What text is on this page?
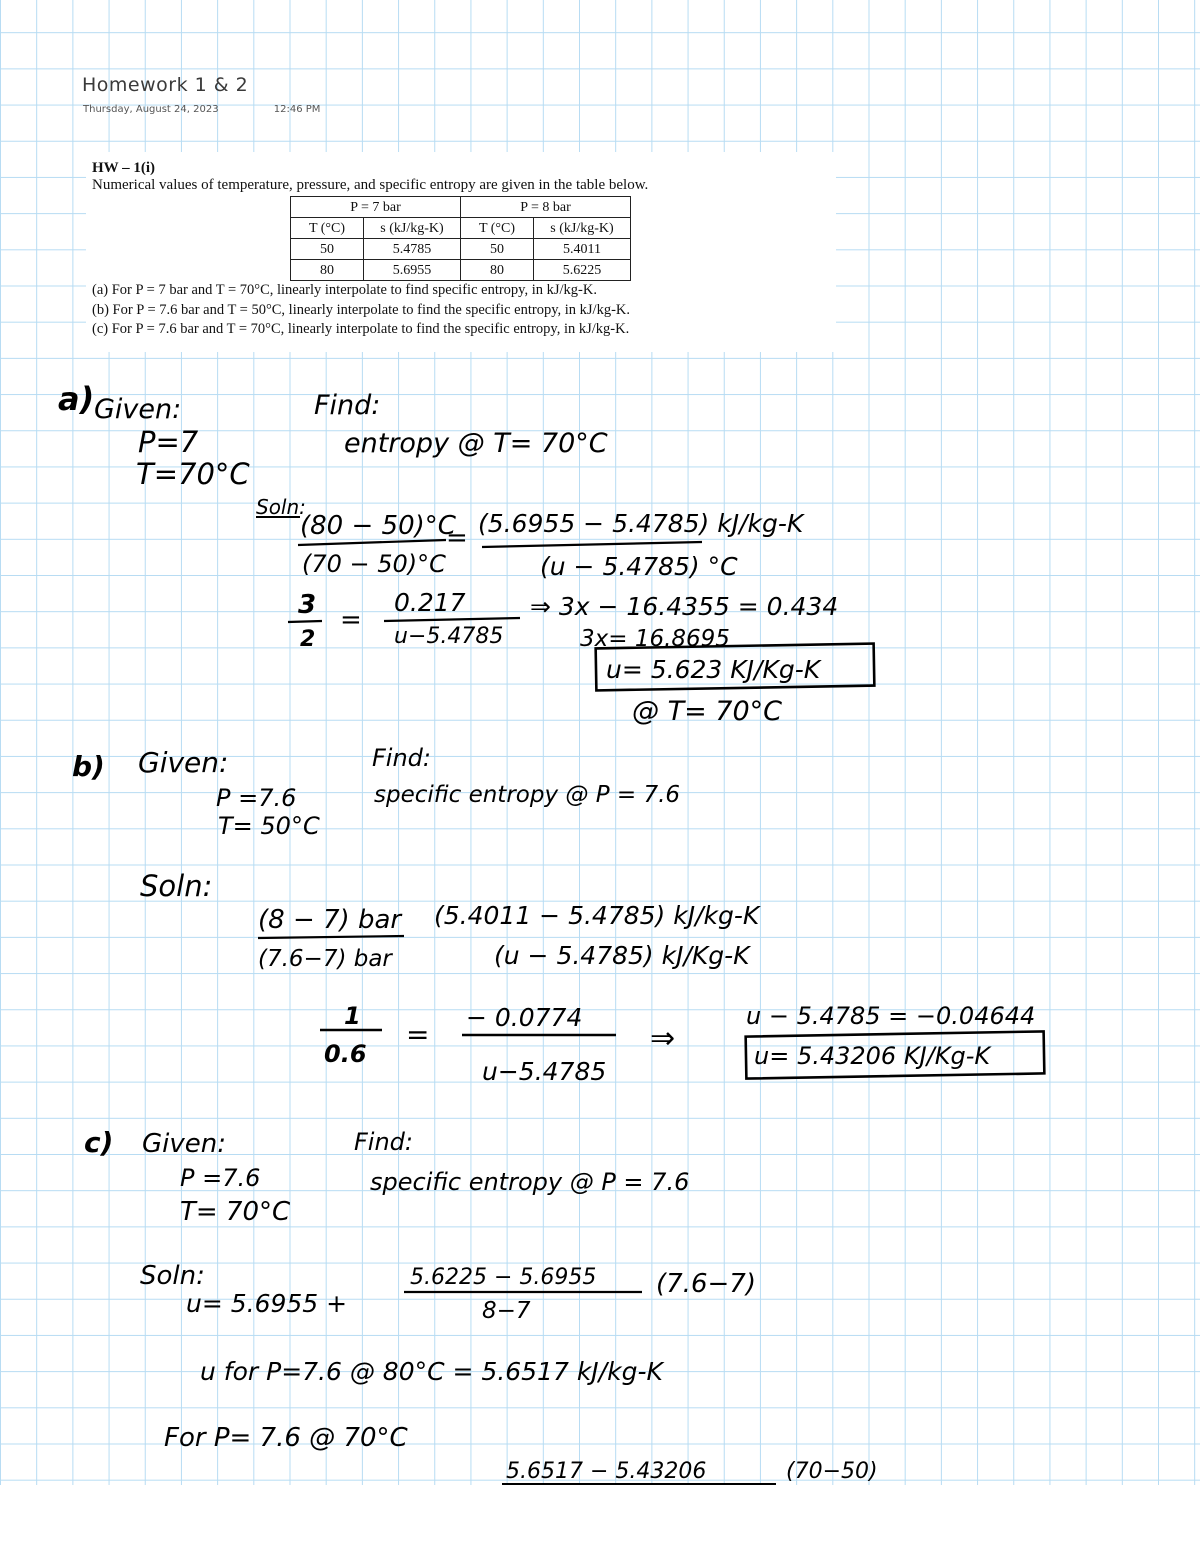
Homework 1 & 2
Thursday, August 24, 2023	12:46 PM
HW – 1(i)
Numerical values of temperature, pressure, and specific entropy are given in the table below.
P = 7 bar		P = 8 bar	
T (°C)	s (kJ/kg-K)	T (°C)	s (kJ/kg-K)
50	5.4785	50	5.4011
80	5.6955	80	5.6225
(a) For P = 7 bar and T = 70°C, linearly interpolate to find specific entropy, in kJ/kg-K.
(b) For P = 7.6 bar and T = 50°C, linearly interpolate to find the specific entropy, in kJ/kg-K.
(c) For P = 7.6 bar and T = 70°C, linearly interpolate to find the specific entropy, in kJ/kg-K.
a) Given:
P=7
T=70°C
Find:
entropy @ T= 70°C
Soln:
(80 − 50)°C
(70 − 50)°C
= (5.6955 − 5.4785) kJ/kg-K
(u − 5.4785) °C
3
2
=
0.217
u−5.4785
⇒ 3x − 16.4355 = 0.434
3x= 16.8695
u= 5.623 KJ/Kg-K
@ T= 70°C
b) Given:
P =7.6
T= 50°C
Find:
specific entropy @ P = 7.6
Soln:
(8 − 7) bar
(7.6−7) bar
(5.4011 − 5.4785) kJ/kg-K
(u − 5.4785) kJ/Kg-K
1
0.6
=
− 0.0774
u−5.4785
⇒
u − 5.4785 = −0.04644
u= 5.43206 KJ/Kg-K
c) Given:
P =7.6
T= 70°C
Find:
specific entropy @ P = 7.6
Soln:
u= 5.6955 +
5.6225 − 5.6955
8−7
(7.6−7)
u for P=7.6 @ 80°C = 5.6517 kJ/kg-K
For P= 7.6 @ 70°C
5.6517 − 5.43206	(70−50)
